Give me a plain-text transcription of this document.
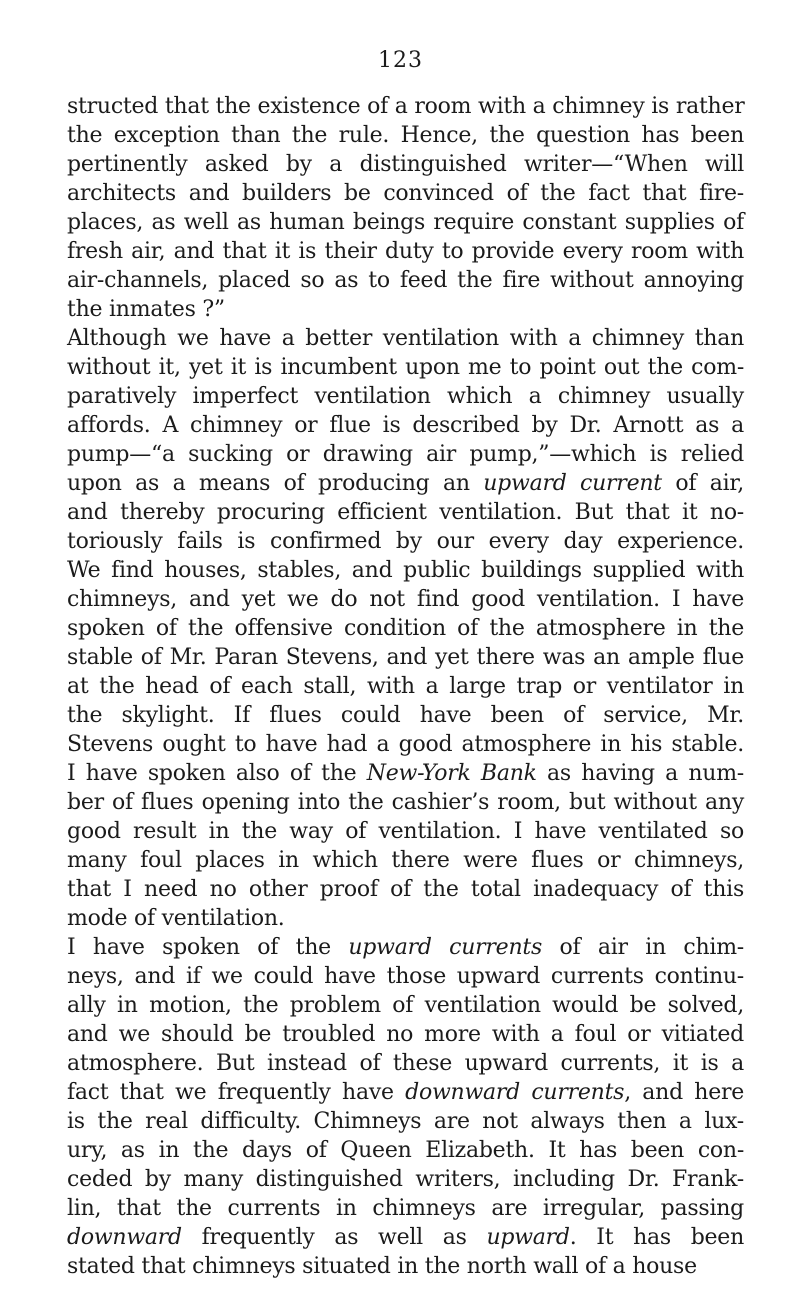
123
structed that the existence of a room with a chimney is rather
the exception than the rule. Hence, the question has been
pertinently asked by a distinguished writer—“When will
architects and builders be convinced of the fact that fire-
places, as well as human beings require constant supplies of
fresh air, and that it is their duty to provide every room with
air-channels, placed so as to feed the fire without annoying
the inmates ?”
Although we have a better ventilation with a chimney than
without it, yet it is incumbent upon me to point out the com-
paratively imperfect ventilation which a chimney usually
affords. A chimney or flue is described by Dr. Arnott as a
pump—“a sucking or drawing air pump,”—which is relied
upon as a means of producing an upward current of air,
and thereby procuring efficient ventilation. But that it no-
toriously fails is confirmed by our every day experience.
We find houses, stables, and public buildings supplied with
chimneys, and yet we do not find good ventilation. I have
spoken of the offensive condition of the atmosphere in the
stable of Mr. Paran Stevens, and yet there was an ample flue
at the head of each stall, with a large trap or ventilator in
the skylight. If flues could have been of service, Mr.
Stevens ought to have had a good atmosphere in his stable.
I have spoken also of the New-York Bank as having a num-
ber of flues opening into the cashier’s room, but without any
good result in the way of ventilation. I have ventilated so
many foul places in which there were flues or chimneys,
that I need no other proof of the total inadequacy of this
mode of ventilation.
I have spoken of the upward currents of air in chim-
neys, and if we could have those upward currents continu-
ally in motion, the problem of ventilation would be solved,
and we should be troubled no more with a foul or vitiated
atmosphere. But instead of these upward currents, it is a
fact that we frequently have downward currents, and here
is the real difficulty. Chimneys are not always then a lux-
ury, as in the days of Queen Elizabeth. It has been con-
ceded by many distinguished writers, including Dr. Frank-
lin, that the currents in chimneys are irregular, passing
downward frequently as well as upward. It has been
stated that chimneys situated in the north wall of a house
